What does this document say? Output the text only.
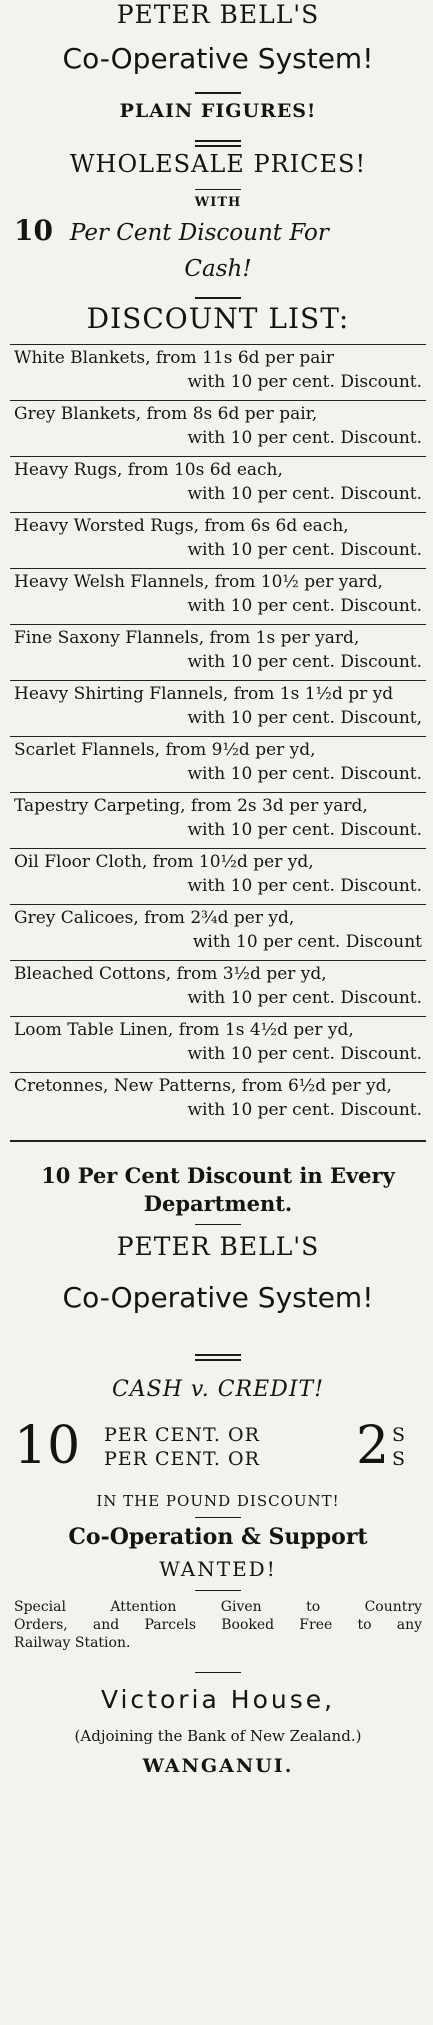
PETER BELL'S
Co-Operative System!
PLAIN FIGURES!
WHOLESALE PRICES!
WITH
10 Per Cent Discount For
Cash!
DISCOUNT LIST:
White Blankets, from 11s 6d per pair
with 10 per cent. Discount.
Grey Blankets, from 8s 6d per pair,
with 10 per cent. Discount.
Heavy Rugs, from 10s 6d each,
with 10 per cent. Discount.
Heavy Worsted Rugs, from 6s 6d each,
with 10 per cent. Discount.
Heavy Welsh Flannels, from 10½ per yard,
with 10 per cent. Discount.
Fine Saxony Flannels, from 1s per yard,
with 10 per cent. Discount.
Heavy Shirting Flannels, from 1s 1½d pr yd
with 10 per cent. Discount,
Scarlet Flannels, from 9½d per yd,
with 10 per cent. Discount.
Tapestry Carpeting, from 2s 3d per yard,
with 10 per cent. Discount.
Oil Floor Cloth, from 10½d per yd,
with 10 per cent. Discount.
Grey Calicoes, from 2¾d per yd,
with 10 per cent. Discount
Bleached Cottons, from 3½d per yd,
with 10 per cent. Discount.
Loom Table Linen, from 1s 4½d per yd,
with 10 per cent. Discount.
Cretonnes, New Patterns, from 6½d per yd,
with 10 per cent. Discount.
10 Per Cent Discount in Every
Department.
PETER BELL'S
Co-Operative System!
CASH v. CREDIT!
10 PER CENT. OR
PER CENT. OR 2 S
S
IN THE POUND DISCOUNT!
Co-Operation & Support
WANTED!
Special Attention Given to Country
Orders, and Parcels Booked Free to any
Railway Station.
Victoria House,
(Adjoining the Bank of New Zealand.)
WANGANUI.
